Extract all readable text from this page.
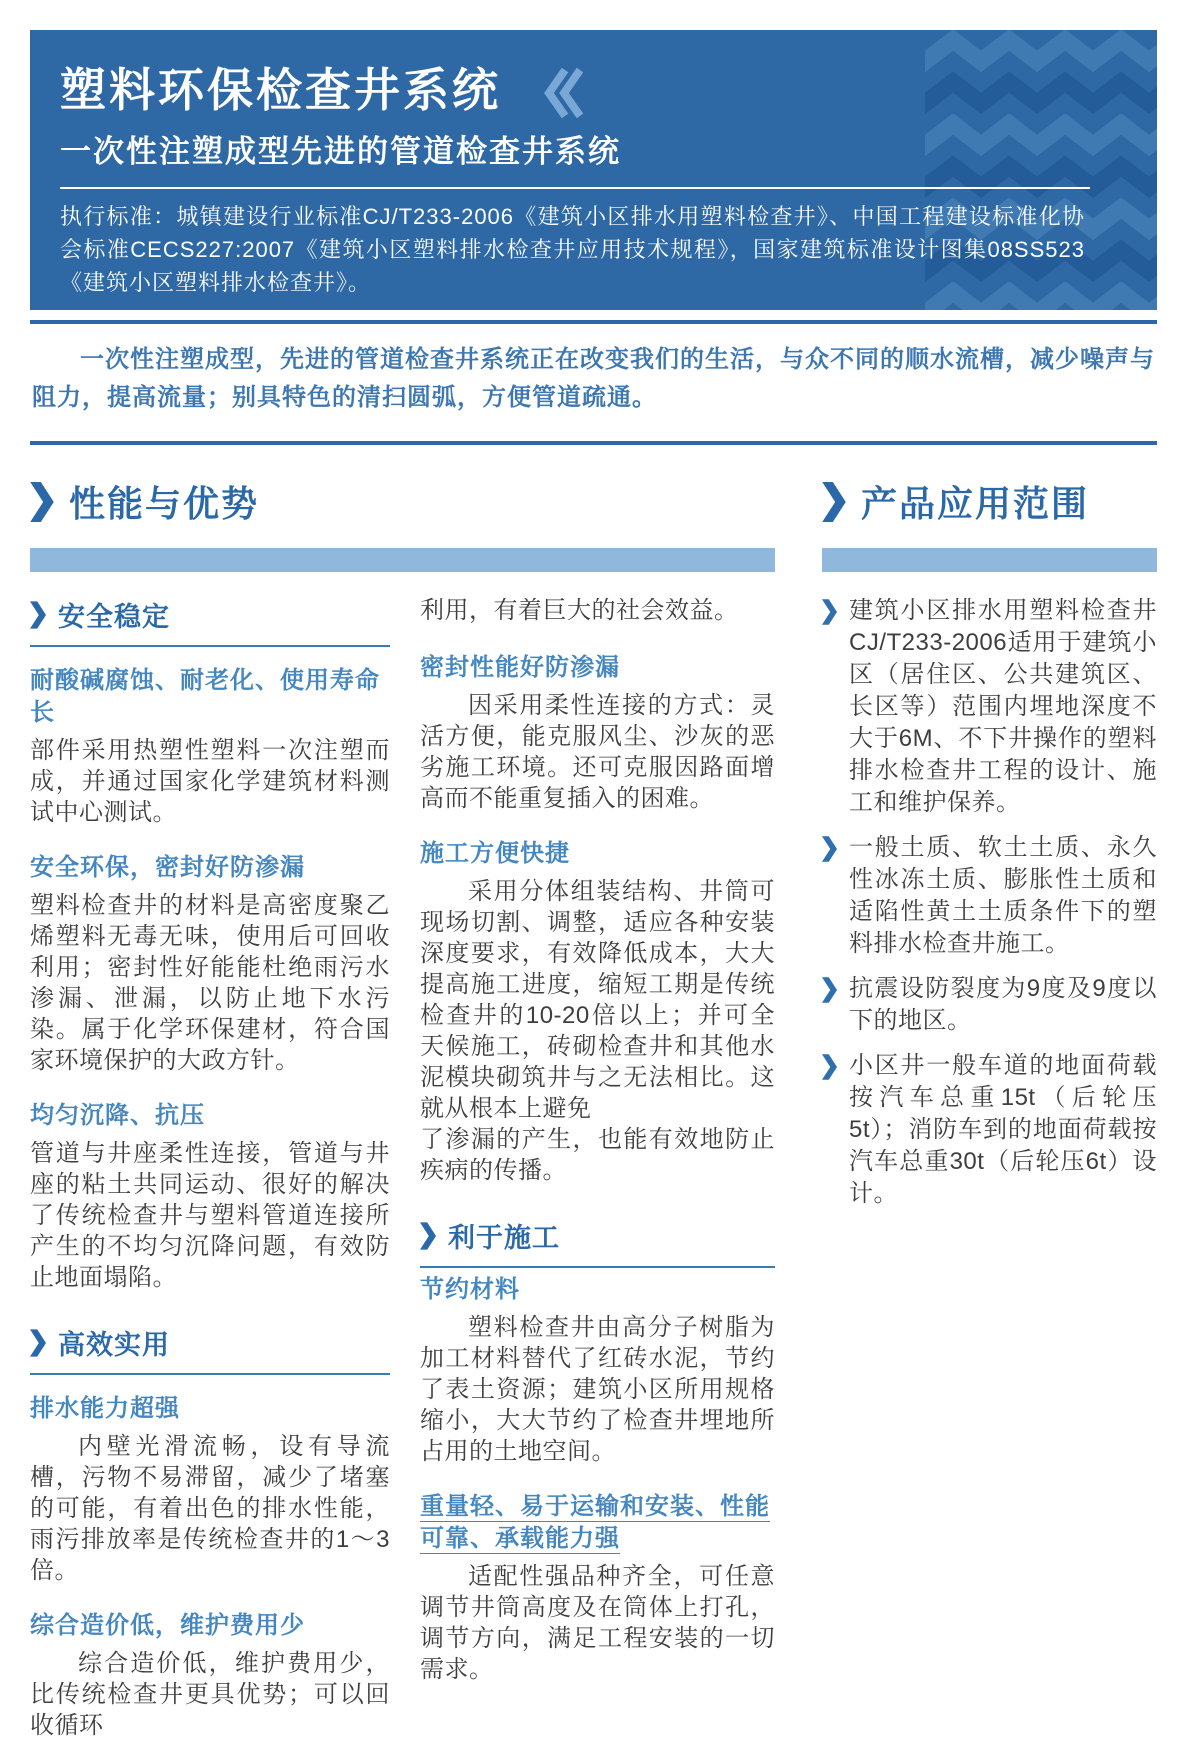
塑料环保检查井系统
一次性注塑成型先进的管道检查井系统
执行标准：城镇建设行业标准CJ/T233-2006《建筑小区排水用塑料检查井》、中国工程建设标准化协会标准CECS227:2007《建筑小区塑料排水检查井应用技术规程》，国家建筑标准设计图集08SS523《建筑小区塑料排水检查井》。

一次性注塑成型，先进的管道检查井系统正在改变我们的生活，与众不同的顺水流槽，减少噪声与阻力，提高流量；别具特色的清扫圆弧，方便管道疏通。

性能与优势
安全稳定
耐酸碱腐蚀、耐老化、使用寿命长

部件采用热塑性塑料一次注塑而成，并通过国家化学建筑材料测试中心测试。

安全环保，密封好防渗漏

塑料检查井的材料是高密度聚乙烯塑料无毒无味，使用后可回收利用；密封性好能能杜绝雨污水渗漏、泄漏，以防止地下水污染。属于化学环保建材，符合国家环境保护的大政方针。

均匀沉降、抗压

管道与井座柔性连接，管道与井座的粘土共同运动、很好的解决了传统检查井与塑料管道连接所产生的不均匀沉降问题，有效防止地面塌陷。

高效实用
排水能力超强

内壁光滑流畅，设有导流槽，污物不易滞留，减少了堵塞的可能，有着出色的排水性能，雨污排放率是传统检查井的1～3倍。

综合造价低，维护费用少

综合造价低，维护费用少，比传统检查井更具优势；可以回收循环

利用，有着巨大的社会效益。

密封性能好防渗漏

因采用柔性连接的方式：灵活方便，能克服风尘、沙灰的恶劣施工环境。还可克服因路面增高而不能重复插入的困难。

施工方便快捷

采用分体组装结构、井筒可现场切割、调整，适应各种安装深度要求，有效降低成本，大大提高施工进度，缩短工期是传统检查井的10-20倍以上；并可全天候施工，砖砌检查井和其他水泥模块砌筑井与之无法相比。这就从根本上避免

了渗漏的产生，也能有效地防止疾病的传播。

利于施工
节约材料

塑料检查井由高分子树脂为加工材料替代了红砖水泥，节约了表土资源；建筑小区所用规格缩小，大大节约了检查井埋地所占用的土地空间。

重量轻、易于运输和安装、性能可靠、承载能力强

适配性强品种齐全，可任意调节井筒高度及在筒体上打孔，调节方向，满足工程安装的一切需求。

产品应用范围

建筑小区排水用塑料检查井CJ/T233-2006适用于建筑小区（居住区、公共建筑区、长区等）范围内埋地深度不大于6M、不下井操作的塑料排水检查井工程的设计、施工和维护保养。

一般土质、软土土质、永久性冰冻土质、膨胀性土质和适陷性黄土土质条件下的塑料排水检查井施工。

抗震设防裂度为9度及9度以下的地区。

小区井一般车道的地面荷载按汽车总重15t（后轮压5t）；消防车到的地面荷载按汽车总重30t（后轮压6t）设计。
